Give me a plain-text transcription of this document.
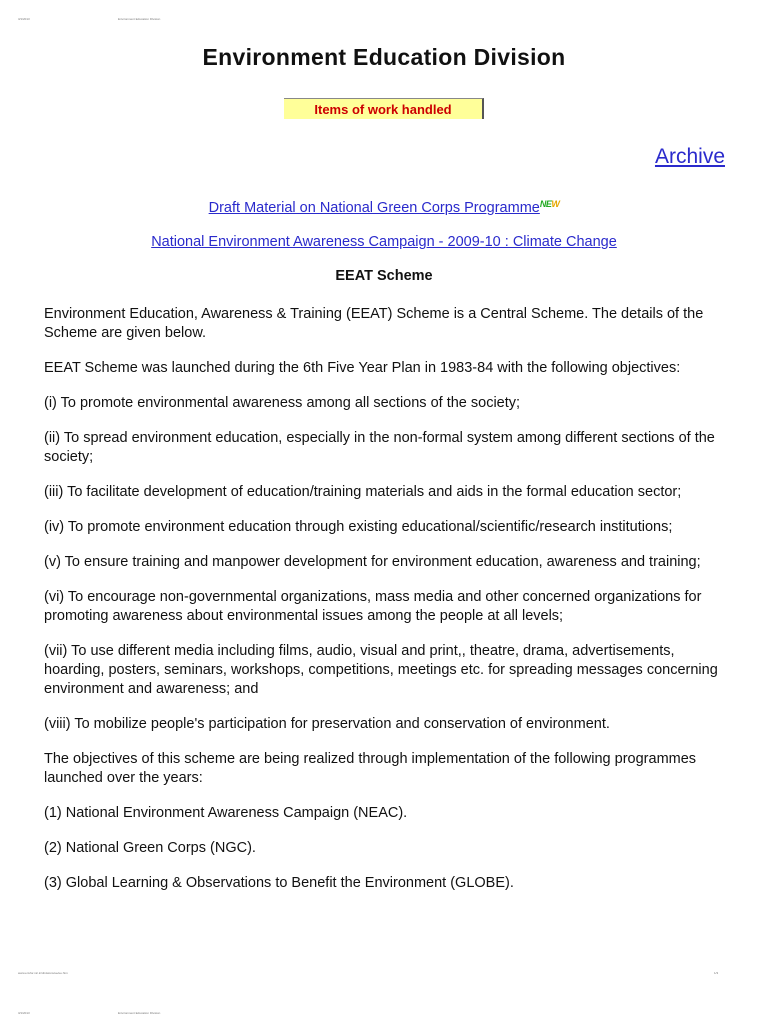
3/1/2013	Environment Education Division
Environment Education Division
Items of work handled
Archive
Draft Material on National Green Corps Programme$^{NEW}$
National Environment Awareness Campaign - 2009-10 : Climate Change
EEAT Scheme

Environment Education, Awareness & Training (EEAT) Scheme is a Central Scheme. The details of the Scheme are given below.

EEAT Scheme was launched during the 6th Five Year Plan in 1983-84 with the following objectives:

(i) To promote environmental awareness among all sections of the society;

(ii) To spread environment education, especially in the non-formal system among different sections of the society;

(iii) To facilitate development of education/training materials and aids in the formal education sector;

(iv) To promote environment education through existing educational/scientific/research institutions;

(v) To ensure training and manpower development for environment education, awareness and training;

(vi) To encourage non-governmental organizations, mass media and other concerned organizations for promoting awareness about environmental issues among the people at all levels;

(vii) To use different media including films, audio, visual and print,, theatre, drama, advertisements, hoarding, posters, seminars, workshops, competitions, meetings etc. for spreading messages concerning environment and awareness; and

(viii) To mobilize people's participation for preservation and conservation of environment.

The objectives of this scheme are being realized through implementation of the following programmes launched over the years:

(1) National Environment Awareness Campaign (NEAC).

(2) National Green Corps (NGC).

(3) Global Learning & Observations to Benefit the Environment (GLOBE).

www.envfor.nic.in/divisions/ee/ee.htm	1/3
3/1/2013	Environment Education Division
